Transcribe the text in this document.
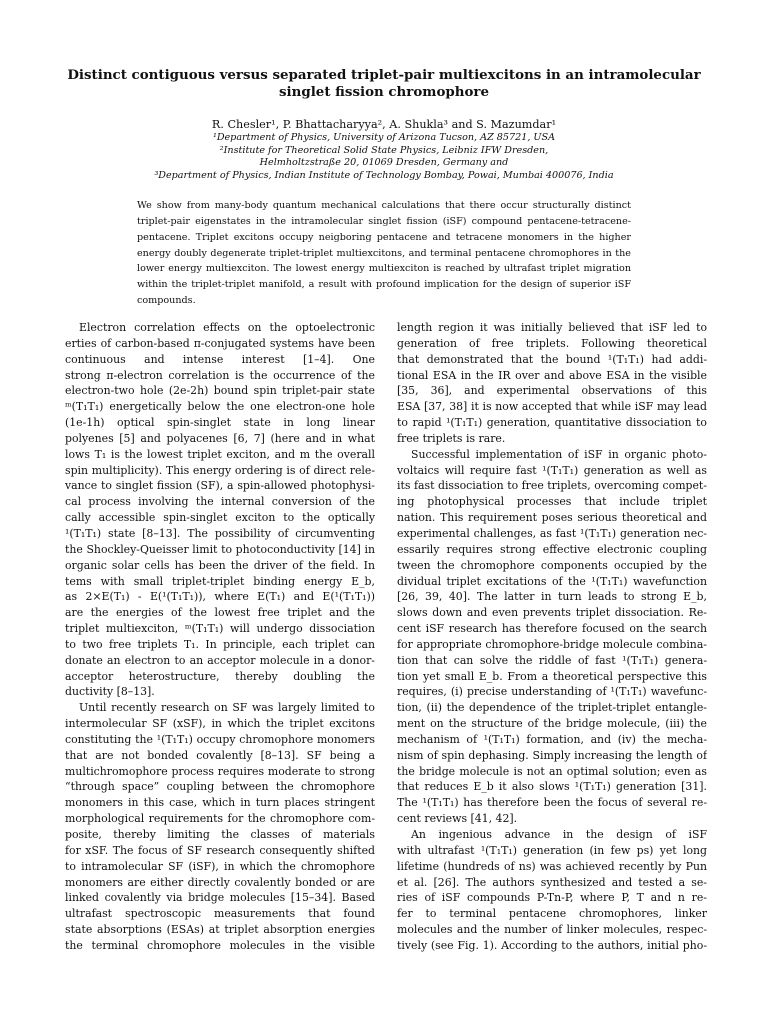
Distinct contiguous versus separated triplet-pair multiexcitons in an intramolecular
singlet fission chromophore
R. Chesler¹, P. Bhattacharyya², A. Shukla³ and S. Mazumdar¹
¹Department of Physics, University of Arizona Tucson, AZ 85721, USA
²Institute for Theoretical Solid State Physics, Leibniz IFW Dresden,
Helmholtzstraße 20, 01069 Dresden, Germany and
³Department of Physics, Indian Institute of Technology Bombay, Powai, Mumbai 400076, India
We show from many-body quantum mechanical calculations that there occur structurally distinct
triplet-pair eigenstates in the intramolecular singlet fission (iSF) compound pentacene-tetracene-
pentacene. Triplet excitons occupy neigboring pentacene and tetracene monomers in the higher
energy doubly degenerate triplet-triplet multiexcitons, and terminal pentacene chromophores in the
lower energy multiexciton. The lowest energy multiexciton is reached by ultrafast triplet migration
within the triplet-triplet manifold, a result with profound implication for the design of superior iSF
compounds.
Electron correlation effects on the optoelectronic
erties of carbon-based π-conjugated systems have been
continuous and intense interest [1–4]. One
strong π-electron correlation is the occurrence of the
electron-two hole (2e-2h) bound spin triplet-pair state
ᵐ(T₁T₁) energetically below the one electron-one hole
(1e-1h) optical spin-singlet state in long linear
polyenes [5] and polyacenes [6, 7] (here and in what
lows T₁ is the lowest triplet exciton, and m the overall
spin multiplicity). This energy ordering is of direct rele-
vance to singlet fission (SF), a spin-allowed photophysi-
cal process involving the internal conversion of the
cally accessible spin-singlet exciton to the optically
¹(T₁T₁) state [8–13]. The possibility of circumventing
the Shockley-Queisser limit to photoconductivity [14] in
organic solar cells has been the driver of the field. In
tems with small triplet-triplet binding energy E_b,
as 2×E(T₁) - E(¹(T₁T₁)), where E(T₁) and E(¹(T₁T₁))
are the energies of the lowest free triplet and the
triplet multiexciton, ᵐ(T₁T₁) will undergo dissociation
to two free triplets T₁. In principle, each triplet can
donate an electron to an acceptor molecule in a donor-
acceptor heterostructure, thereby doubling the
ductivity [8–13].
Until recently research on SF was largely limited to
intermolecular SF (xSF), in which the triplet excitons
constituting the ¹(T₁T₁) occupy chromophore monomers
that are not bonded covalently [8–13]. SF being a
multichromophore process requires moderate to strong
“through space” coupling between the chromophore
monomers in this case, which in turn places stringent
morphological requirements for the chromophore com-
posite, thereby limiting the classes of materials
for xSF. The focus of SF research consequently shifted
to intramolecular SF (iSF), in which the chromophore
monomers are either directly covalently bonded or are
linked covalently via bridge molecules [15–34]. Based
ultrafast spectroscopic measurements that found
state absorptions (ESAs) at triplet absorption energies
the terminal chromophore molecules in the visible
length region it was initially believed that iSF led to
generation of free triplets. Following theoretical
that demonstrated that the bound ¹(T₁T₁) had addi-
tional ESA in the IR over and above ESA in the visible
[35, 36], and experimental observations of this
ESA [37, 38] it is now accepted that while iSF may lead
to rapid ¹(T₁T₁) generation, quantitative dissociation to
free triplets is rare.
Successful implementation of iSF in organic photo-
voltaics will require fast ¹(T₁T₁) generation as well as
its fast dissociation to free triplets, overcoming compet-
ing photophysical processes that include triplet
nation. This requirement poses serious theoretical and
experimental challenges, as fast ¹(T₁T₁) generation nec-
essarily requires strong effective electronic coupling
tween the chromophore components occupied by the
dividual triplet excitations of the ¹(T₁T₁) wavefunction
[26, 39, 40]. The latter in turn leads to strong E_b,
slows down and even prevents triplet dissociation. Re-
cent iSF research has therefore focused on the search
for appropriate chromophore-bridge molecule combina-
tion that can solve the riddle of fast ¹(T₁T₁) genera-
tion yet small E_b. From a theoretical perspective this
requires, (i) precise understanding of ¹(T₁T₁) wavefunc-
tion, (ii) the dependence of the triplet-triplet entangle-
ment on the structure of the bridge molecule, (iii) the
mechanism of ¹(T₁T₁) formation, and (iv) the mecha-
nism of spin dephasing. Simply increasing the length of
the bridge molecule is not an optimal solution; even as
that reduces E_b it also slows ¹(T₁T₁) generation [31].
The ¹(T₁T₁) has therefore been the focus of several re-
cent reviews [41, 42].
An ingenious advance in the design of iSF
with ultrafast ¹(T₁T₁) generation (in few ps) yet long
lifetime (hundreds of ns) was achieved recently by Pun
et al. [26]. The authors synthesized and tested a se-
ries of iSF compounds P-Tn-P, where P, T and n re-
fer to terminal pentacene chromophores, linker
molecules and the number of linker molecules, respec-
tively (see Fig. 1). According to the authors, initial pho-
